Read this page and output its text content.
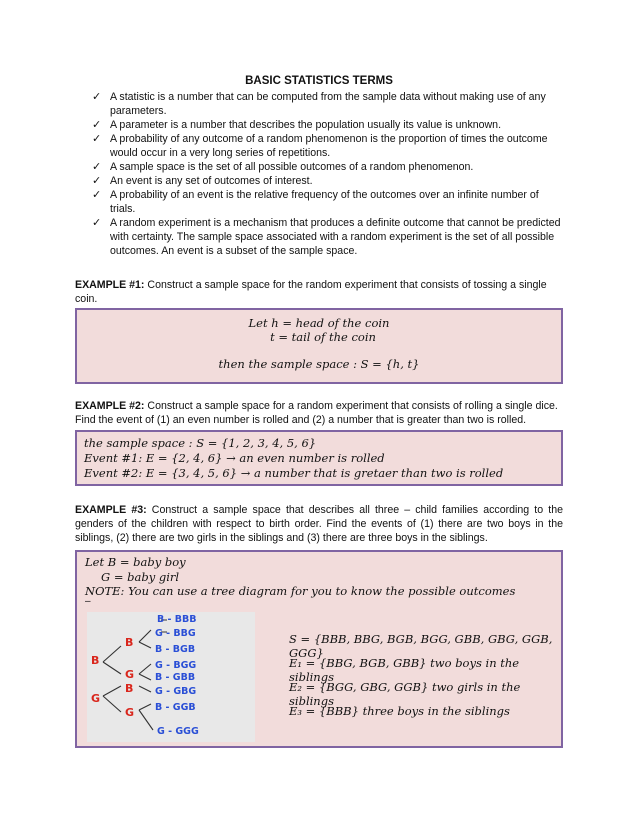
BASIC STATISTICS TERMS
✓ A statistic is a number that can be computed from the sample data without making use of any parameters.
✓ A parameter is a number that describes the population usually its value is unknown.
✓ A probability of any outcome of a random phenomenon is the proportion of times the outcome would occur in a very long series of repetitions.
✓ A sample space is the set of all possible outcomes of a random phenomenon.
✓ An event is any set of outcomes of interest.
✓ A probability of an event is the relative frequency of the outcomes over an infinite number of trials.
✓ A random experiment is a mechanism that produces a definite outcome that cannot be predicted with certainty. The sample space associated with a random experiment is the set of all possible outcomes. An event is a subset of the sample space.
EXAMPLE #1: Construct a sample space for the random experiment that consists of tossing a single coin.
Let h = head of the coin
t = tail of the coin
then the sample space : S = {h, t}
EXAMPLE #2: Construct a sample space for a random experiment that consists of rolling a single dice. Find the event of (1) an even number is rolled and (2) a number that is greater than two is rolled.
the sample space : S = {1, 2, 3, 4, 5, 6}
Event #1: E = {2, 4, 6} → an even number is rolled
Event #2: E = {3, 4, 5, 6} → a number that is gretaer than two is rolled
EXAMPLE #3: Construct a sample space that describes all three – child families according to the genders of the children with respect to birth order. Find the events of (1) there are two boys in the siblings, (2) there are two girls in the siblings and (3) there are three boys in the siblings.
Let B = baby boy
G = baby girl
NOTE: You can use a tree diagram for you to know the possible outcomes
–
B
G
B
G
B
G
B - BBB
G - BBG
B - BGB
G - BGG
B - GBB
G - GBG
B - GGB
G - GGG
S = {BBB, BBG, BGB, BGG, GBB, GBG, GGB, GGG}
E₁ = {BBG, BGB, GBB} two boys in the siblings
E₂ = {BGG, GBG, GGB} two girls in the siblings
E₃ = {BBB} three boys in the siblings
